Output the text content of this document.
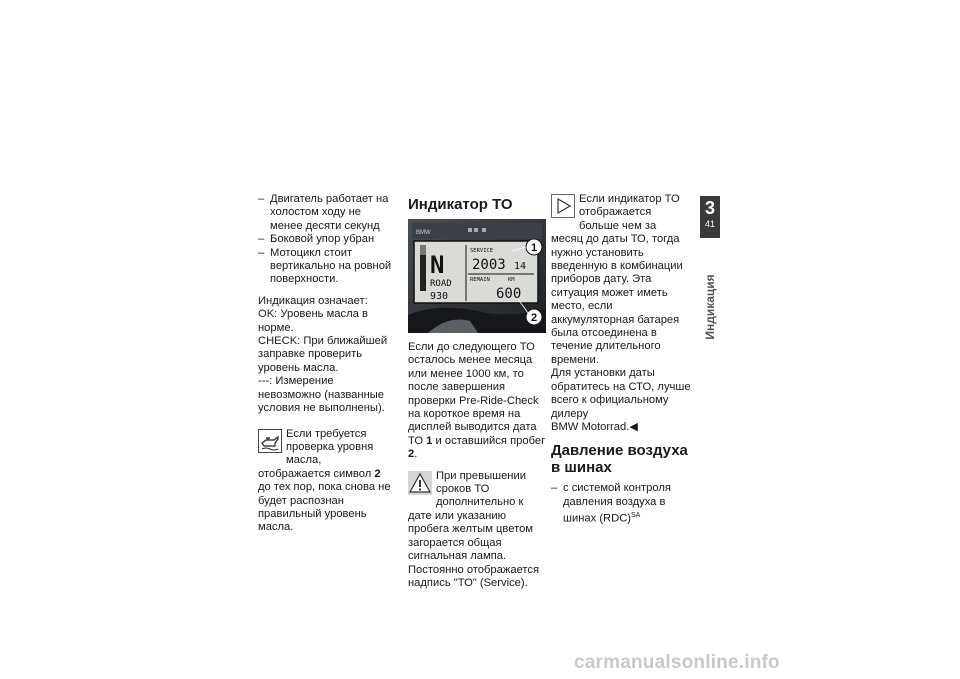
– Двигатель работает на холостом ходу не менее десяти секунд
– Боковой упор убран
– Мотоцикл стоит вертикально на ровной поверхности.
Индикация означает:
OK: Уровень масла в норме.
CHECK: При ближайшей заправке проверить уровень масла.
---: Измерение невозможно (названные условия не выполнены).
Если требуется проверка уровня масла, отображается символ 2 до тех пор, пока снова не будет распознан правильный уровень масла.
Индикатор ТО
BMW
N
ROAD
930
SERVICE
2003 14
REMAIN	KM
600
1
2
Если до следующего ТО осталось менее месяца или менее 1000 км, то после завершения проверки Pre-Ride-Check на короткое время на дисплей выводится дата ТО 1 и оставшийся пробег 2.
При превышении сроков ТО дополнительно к дате или указанию пробега желтым цветом загорается общая сигнальная лампа. Постоянно отображается надпись "ТО" (Service).
Если индикатор ТО отображается больше чем за месяц до даты ТО, тогда нужно установить введенную в комбинации приборов дату. Эта ситуация может иметь место, если аккумуляторная батарея была отсоединена в течение длительного времени.
Для установки даты обратитесь на СТО, лучше всего к официальному дилеру
BMW Motorrad.◀
Давление воздуха в шинах
– с системой контроля давления воздуха в шинах (RDC)$^{SA}$
3
41
Индикация
carmanualsonline.info
